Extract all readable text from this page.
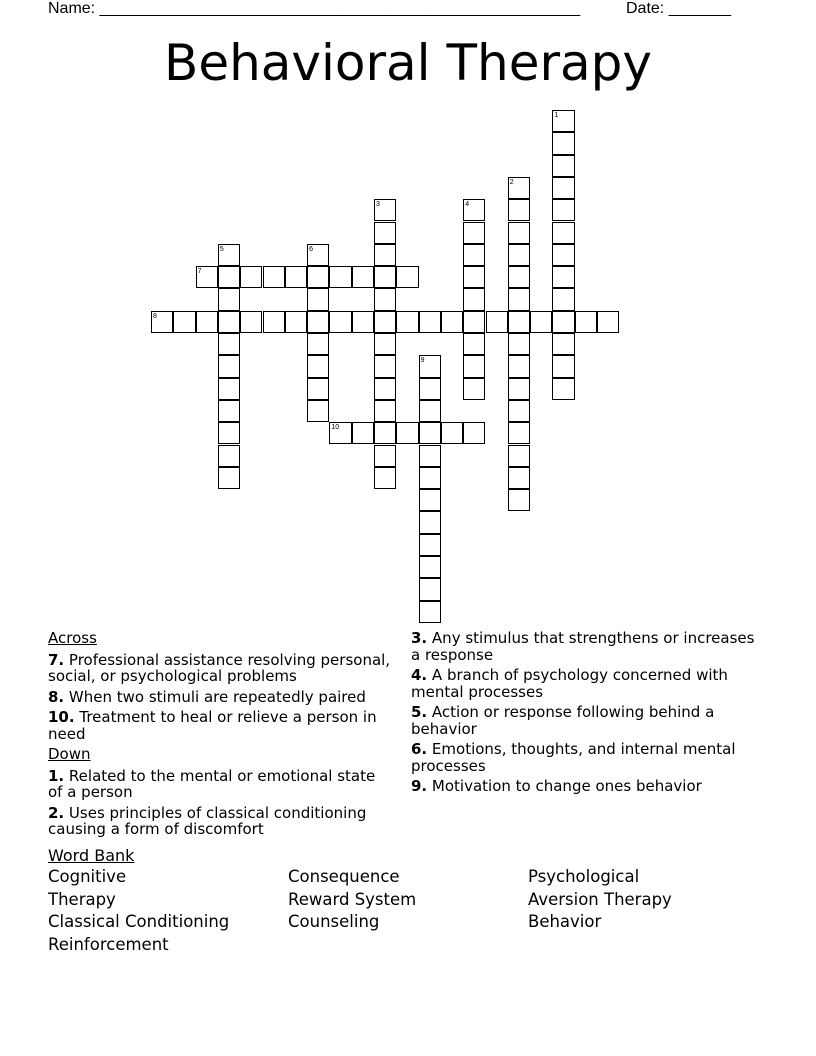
Name: ______________________________________________________	Date: _______
Behavioral Therapy
1
2
3	4
5	6
7
8
9
10
Across
7. Professional assistance resolving personal, social, or psychological problems
8. When two stimuli are repeatedly paired
10. Treatment to heal or relieve a person in need
Down
1. Related to the mental or emotional state of a person
2. Uses principles of classical conditioning causing a form of discomfort
3. Any stimulus that strengthens or increases a response
4. A branch of psychology concerned with mental processes
5. Action or response following behind a behavior
6. Emotions, thoughts, and internal mental processes
9. Motivation to change ones behavior
Word Bank
Cognitive
Therapy
Classical Conditioning
Reinforcement
Consequence
Reward System
Counseling
Psychological
Aversion Therapy
Behavior
